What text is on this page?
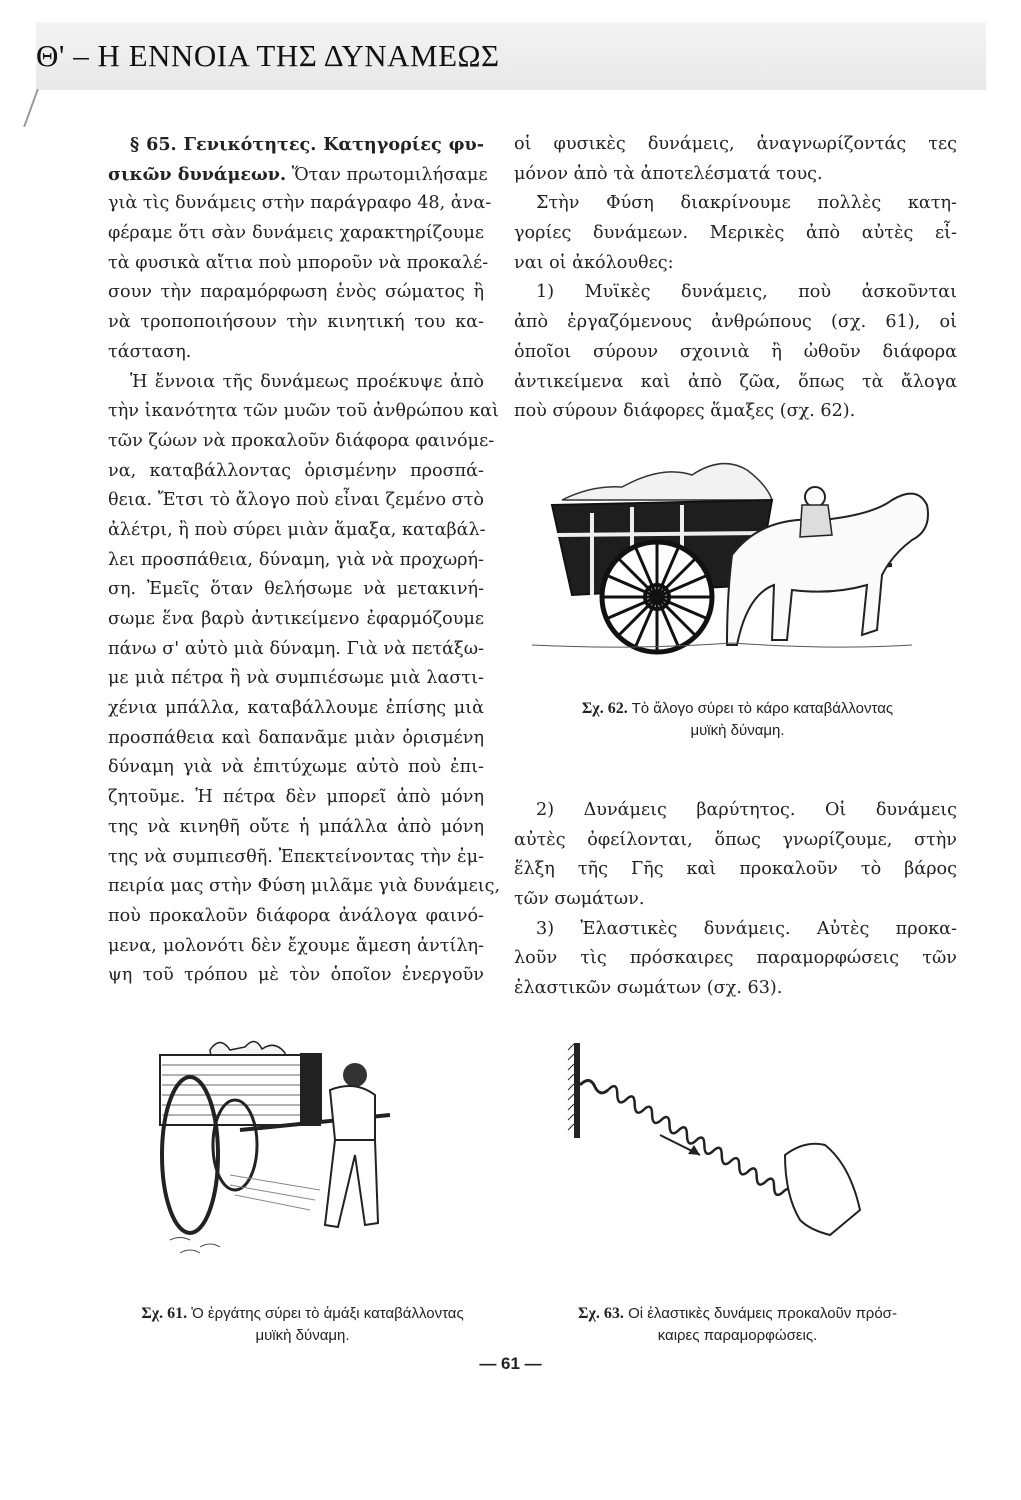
Θ' – Η ΕΝΝΟΙΑ ΤΗΣ ΔΥΝΑΜΕΩΣ
§ 65. Γενικότητες. Κατηγορίες φυ-
σικῶν δυνάμεων. Ὅταν πρωτομιλήσαμε
γιὰ τὶς δυνάμεις στὴν παράγραφο 48, ἀνα-
φέραμε ὅτι σὰν δυνάμεις χαρακτηρίζουμε
τὰ φυσικὰ αἴτια ποὺ μποροῦν νὰ προκαλέ-
σουν τὴν παραμόρφωση ἑνὸς σώματος ἢ
νὰ τροποποιήσουν τὴν κινητική του κα-
τάσταση.
Ἡ ἔννοια τῆς δυνάμεως προέκυψε ἀπὸ
τὴν ἱκανότητα τῶν μυῶν τοῦ ἀνθρώπου καὶ
τῶν ζώων νὰ προκαλοῦν διάφορα φαινόμε-
να, καταβάλλοντας ὁρισμένην προσπά-
θεια. Ἔτσι τὸ ἄλογο ποὺ εἶναι ζεμένο στὸ
ἀλέτρι, ἢ ποὺ σύρει μιὰν ἅμαξα, καταβάλ-
λει προσπάθεια, δύναμη, γιὰ νὰ προχωρή-
ση. Ἐμεῖς ὅταν θελήσωμε νὰ μετακινή-
σωμε ἕνα βαρὺ ἀντικείμενο ἐφαρμόζουμε
πάνω σ' αὐτὸ μιὰ δύναμη. Γιὰ νὰ πετάξω-
με μιὰ πέτρα ἢ νὰ συμπιέσωμε μιὰ λαστι-
χένια μπάλλα, καταβάλλουμε ἐπίσης μιὰ
προσπάθεια καὶ δαπανᾶμε μιὰν ὁρισμένη
δύναμη γιὰ νὰ ἐπιτύχωμε αὐτὸ ποὺ ἐπι-
ζητοῦμε. Ἡ πέτρα δὲν μπορεῖ ἀπὸ μόνη
της νὰ κινηθῆ οὔτε ἡ μπάλλα ἀπὸ μόνη
της νὰ συμπιεσθῆ. Ἐπεκτείνοντας τὴν ἐμ-
πειρία μας στὴν Φύση μιλᾶμε γιὰ δυνάμεις,
ποὺ προκαλοῦν διάφορα ἀνάλογα φαινό-
μενα, μολονότι δὲν ἔχουμε ἄμεση ἀντίλη-
ψη τοῦ τρόπου μὲ τὸν ὁποῖον ἐνεργοῦν
οἱ φυσικὲς δυνάμεις, ἀναγνωρίζοντάς τες
μόνον ἀπὸ τὰ ἀποτελέσματά τους.
Στὴν Φύση διακρίνουμε πολλὲς κατη-
γορίες δυνάμεων. Μερικὲς ἀπὸ αὐτὲς εἶ-
ναι οἱ ἀκόλουθες:
1) Μυϊκὲς δυνάμεις, ποὺ ἀσκοῦνται
ἀπὸ ἐργαζόμενους ἀνθρώπους (σχ. 61), οἱ
ὁποῖοι σύρουν σχοινιὰ ἢ ὠθοῦν διάφορα
ἀντικείμενα καὶ ἀπὸ ζῶα, ὅπως τὰ ἄλογα
ποὺ σύρουν διάφορες ἅμαξες (σχ. 62).
Σχ. 62. Τὸ ἄλογο σύρει τὸ κάρο καταβάλλοντας
μυϊκὴ δύναμη.
2) Δυνάμεις βαρύτητος. Οἱ δυνάμεις
αὐτὲς ὀφείλονται, ὅπως γνωρίζουμε, στὴν
ἕλξη τῆς Γῆς καὶ προκαλοῦν τὸ βάρος
τῶν σωμάτων.
3) Ἐλαστικὲς δυνάμεις. Αὐτὲς προκα-
λοῦν τὶς πρόσκαιρες παραμορφώσεις τῶν
ἐλαστικῶν σωμάτων (σχ. 63).
Σχ. 61. Ὁ ἐργάτης σύρει τὸ ἁμάξι καταβάλλοντας
μυϊκὴ δύναμη.
Σχ. 63. Οἱ ἐλαστικὲς δυνάμεις προκαλοῦν πρόσ-
καιρες παραμορφώσεις.
— 61 —
